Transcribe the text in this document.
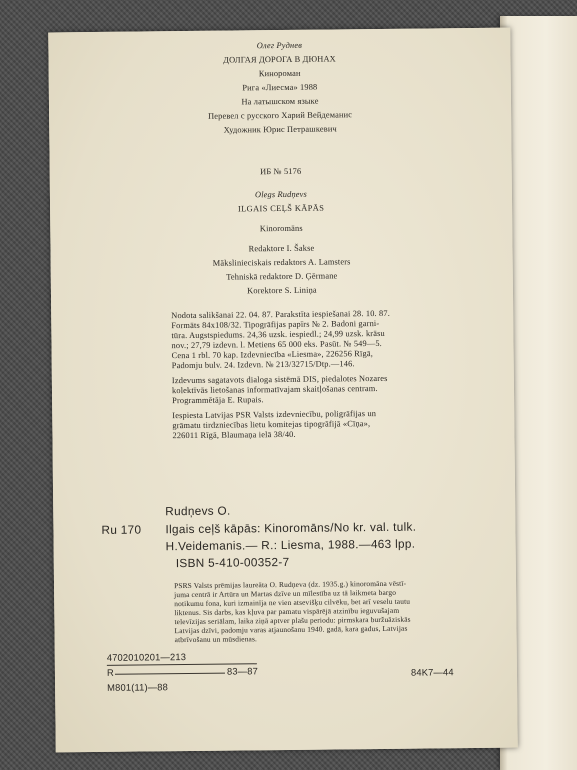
Олег Руднев
ДОЛГАЯ ДОРОГА В ДЮНАХ
Кинороман
Рига «Лиесма» 1988
На латышском языке
Перевел с русского Харий Вейдеманис
Художник Юрис Петрашкевич
ИБ № 5176
Olegs Rudņevs
ILGAIS CEĻŠ KĀPĀS
Kinoromāns
Redaktore I. Šakse
Mākslinieciskais redaktors A. Lamsters
Tehniskā redaktore D. Ģērmane
Korektore S. Liniņa
Nodota salikšanai 22. 04. 87. Parakstīta iespiešanai 28. 10. 87.
Formāts 84x108/32. Tipogrāfijas papīrs № 2. Badoni garni-
tūra. Augstspiedums. 24,36 uzsk. iespiedl.; 24,99 uzsk. krāsu
nov.; 27,79 izdevn. l. Metiens 65 000 eks. Pasūt. № 549—5.
Cena 1 rbl. 70 kap. Izdevniecība «Liesma», 226256 Rīgā,
Padomju bulv. 24. Izdevn. № 213/32715/Dtp.—146.
Izdevums sagatavots dialoga sistēmā DIS, piedalotes Nozares
kolektīvās lietošanas informatīvajam skaitļošanas centram.
Programmētāja E. Rupais.
Iespiesta Latvijas PSR Valsts izdevniecību, poligrāfijas un
grāmatu tirdzniecības lietu komitejas tipogrāfijā «Cīņa»,
226011 Rīgā, Blaumaņa ielā 38/40.
Rudņevs O.
Ru 170 Ilgais ceļš kāpās: Kinoromāns/No kr. val. tulk.
H.Veidemanis.— R.: Liesma, 1988.—463 lpp.
ISBN 5-410-00352-7
PSRS Valsts prēmijas laureāta O. Rudņeva (dz. 1935.g.) kinoromāna vēstī-
juma centrā ir Artūra un Martas dzīve un mīlestība uz tā laikmeta bargo
notikumu fona, kuri izmainīja ne vien atsevišķu cilvēku, bet arī veselu tautu
liktenus. Sis darbs, kas kļuva par pamatu vispārējā atzinību ieguvušajam
televīzijas seriālam, laika ziņā aptver plašu periodu: pirmskara buržuāziskās
Latvijas dzīvi, padomju varas atjaunošanu 1940. gadā, kara gadus, Latvijas
atbrīvošanu un mūsdienas.
4702010201—213
R	83—87
M801(11)—88
84K7—44
